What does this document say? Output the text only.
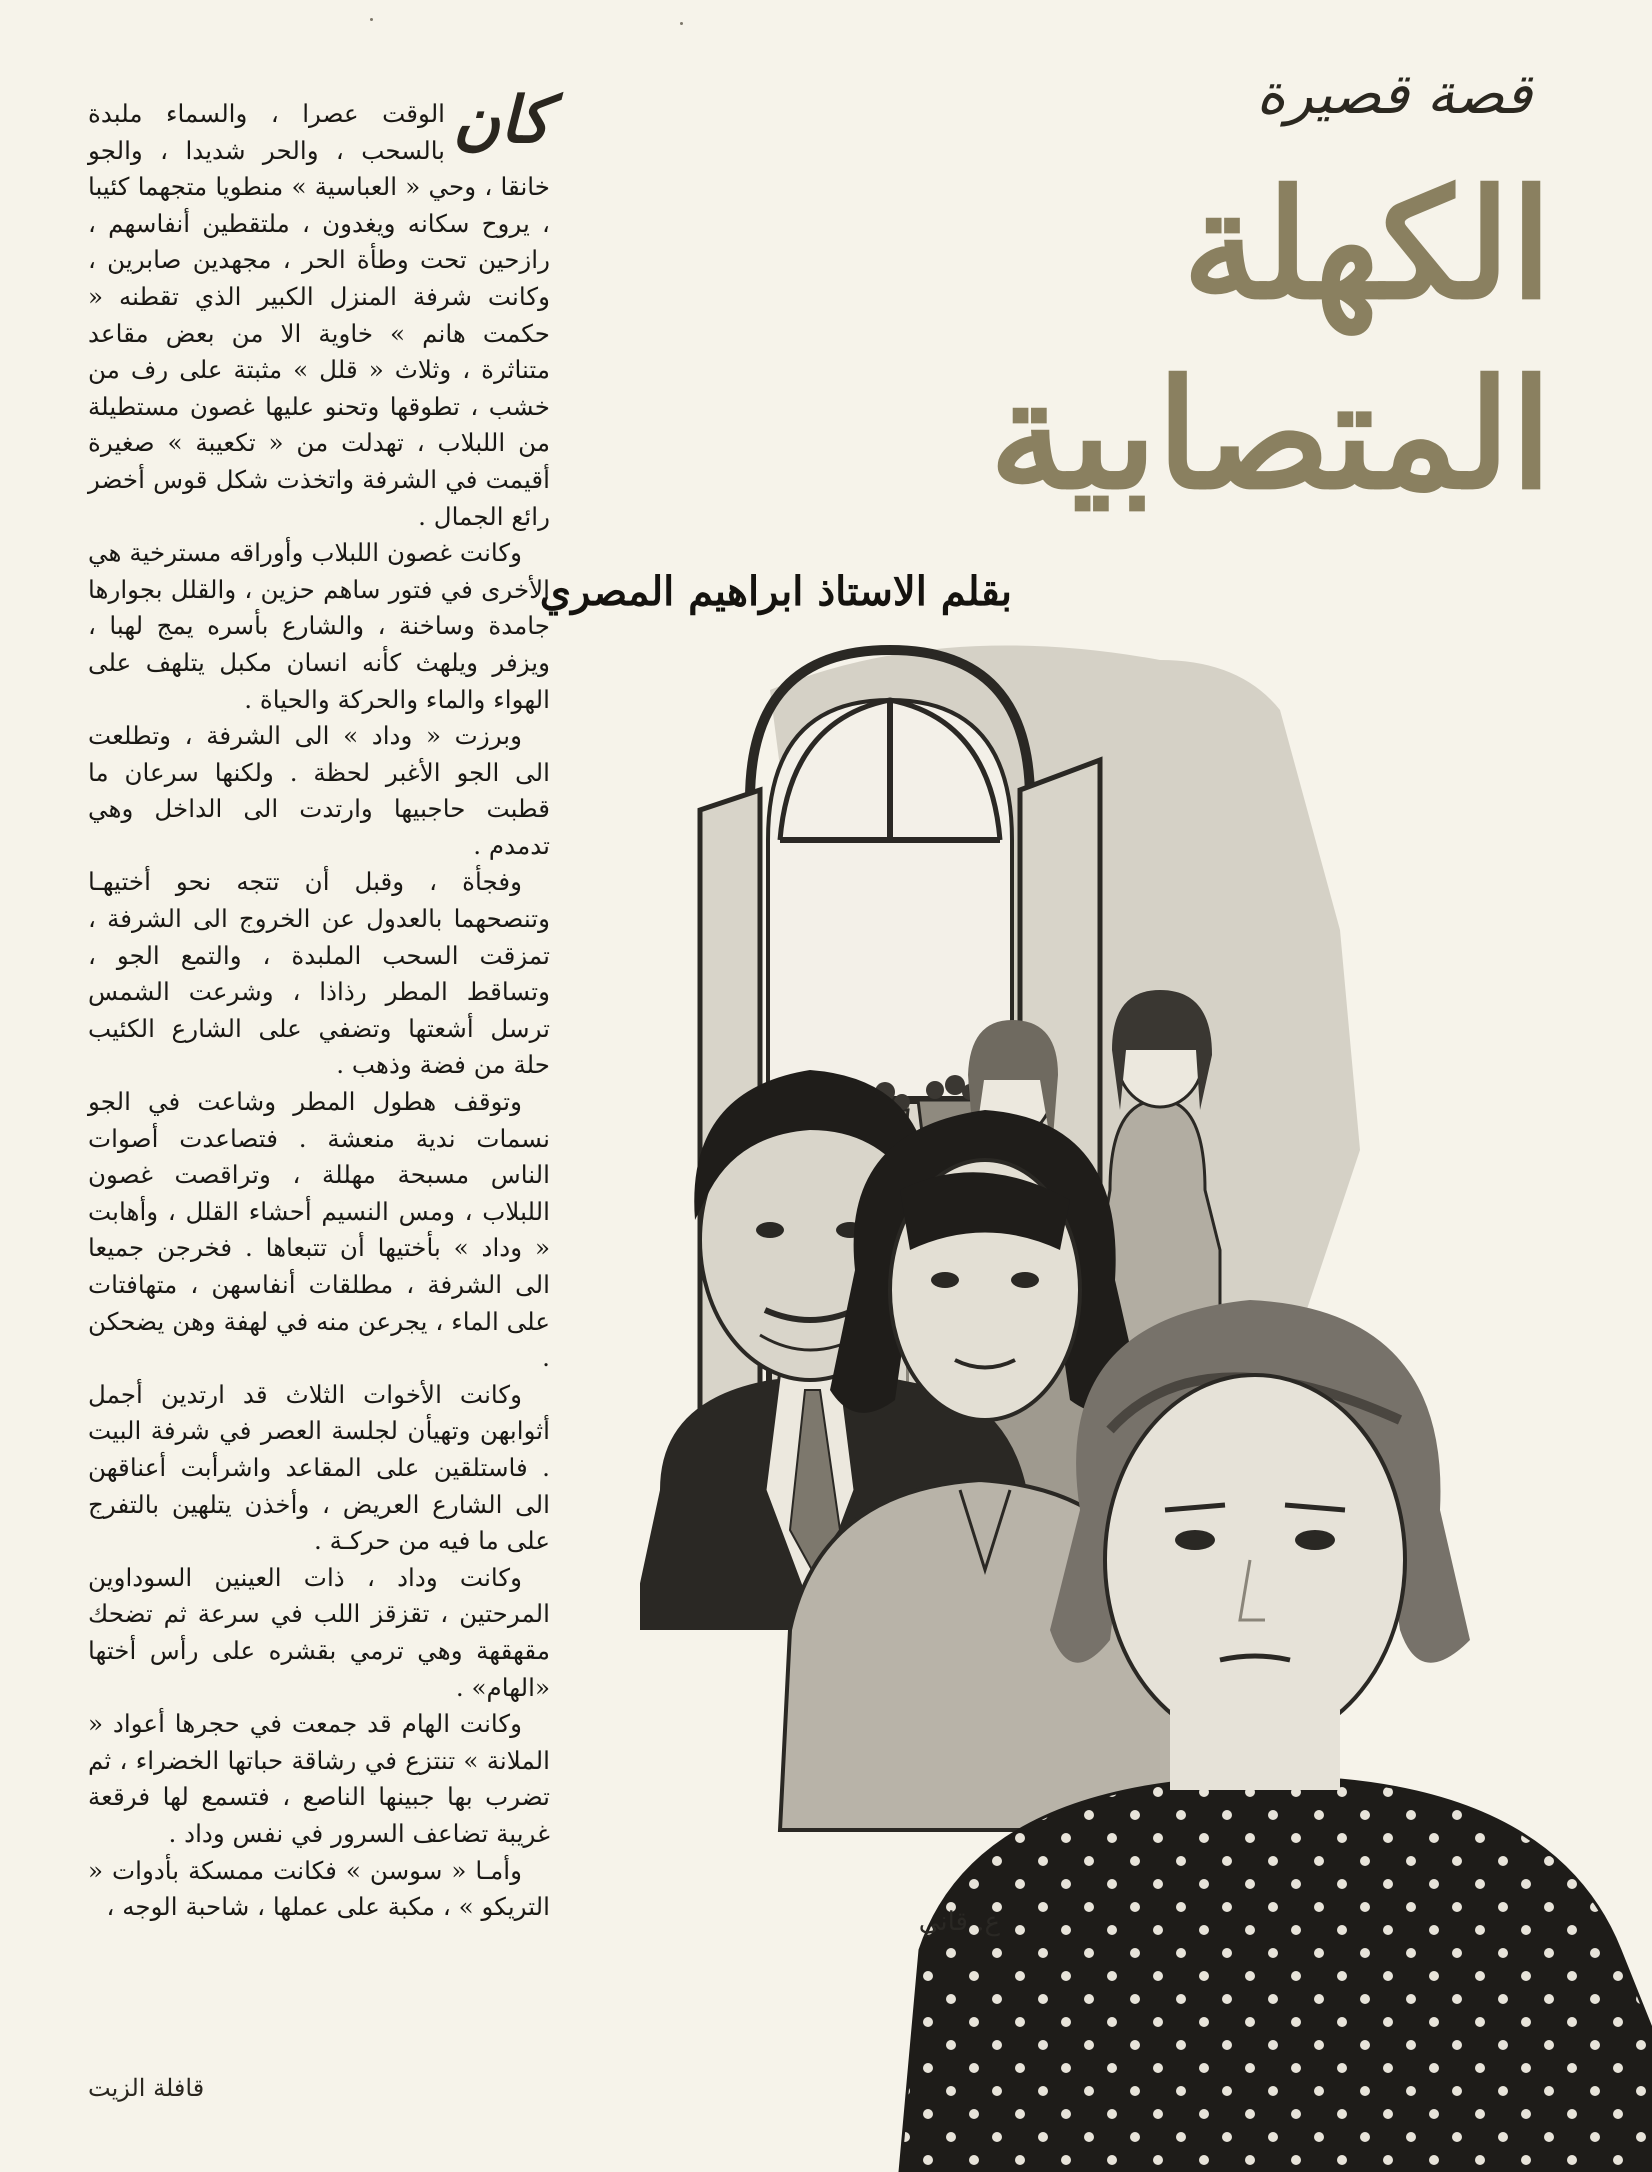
قصة قصيرة

الكهلة
المتصابية

بقلم الاستاذ ابراهيم المصري

ع. قاني
كان

الوقت عصرا ، والسماء ملبدة بالسحب ، والحر شديدا ، والجو خانقا ، وحي « العباسية » منطويا متجهما كئيبا ، يروح سكانه ويغدون ، ملتقطين أنفاسهم ، رازحين تحت وطأة الحر ، مجهدين صابرين ، وكانت شرفة المنزل الكبير الذي تقطنه « حكمت هانم » خاوية الا من بعض مقاعد متناثرة ، وثلاث « قلل » مثبتة على رف من خشب ، تطوقها وتحنو عليها غصون مستطيلة من اللبلاب ، تهدلت من « تكعيبة » صغيرة أقيمت في الشرفة واتخذت شكل قوس أخضر رائع الجمال .

وكانت غصون اللبلاب وأوراقه مسترخية هي الأخرى في فتور ساهم حزين ، والقلل بجوارها جامدة وساخنة ، والشارع بأسره يمج لهبا ، ويزفر ويلهث كأنه انسان مكبل يتلهف على الهواء والماء والحركة والحياة .

وبرزت « وداد » الى الشرفة ، وتطلعت الى الجو الأغبر لحظة . ولكنها سرعان ما قطبت حاجبيها وارتدت الى الداخل وهي تدمدم .

وفجأة ، وقبل أن تتجه نحو أختيهـا وتنصحهما بالعدول عن الخروج الى الشرفة ، تمزقت السحب الملبدة ، والتمع الجو ، وتساقط المطر رذاذا ، وشرعت الشمس ترسل أشعتها وتضفي على الشارع الكئيب حلة من فضة وذهب .

وتوقف هطول المطر وشاعت في الجو نسمات ندية منعشة . فتصاعدت أصوات الناس مسبحة مهللة ، وتراقصت غصون اللبلاب ، ومس النسيم أحشاء القلل ، وأهابت « وداد » بأختيها أن تتبعاها . فخرجن جميعا الى الشرفة ، مطلقات أنفاسهن ، متهافتات على الماء ، يجرعن منه في لهفة وهن يضحكن .

وكانت الأخوات الثلاث قد ارتدين أجمل أثوابهن وتهيأن لجلسة العصر في شرفة البيت . فاستلقين على المقاعد واشرأبت أعناقهن الى الشارع العريض ، وأخذن يتلهين بالتفرج على ما فيه من حركـة .

وكانت وداد ، ذات العينين السوداوين المرحتين ، تقزقز اللب في سرعة ثم تضحك مقهقهة وهي ترمي بقشره على رأس أختها «الهام» .

وكانت الهام قد جمعت في حجرها أعواد « الملانة » تنتزع في رشاقة حباتها الخضراء ، ثم تضرب بها جبينها الناصع ، فتسمع لها فرقعة غريبة تضاعف السرور في نفس وداد .

وأمـا « سوسن » فكانت ممسكة بأدوات « التريكو » ، مكبة على عملها ، شاحبة الوجه ،

قافلة الزيت
